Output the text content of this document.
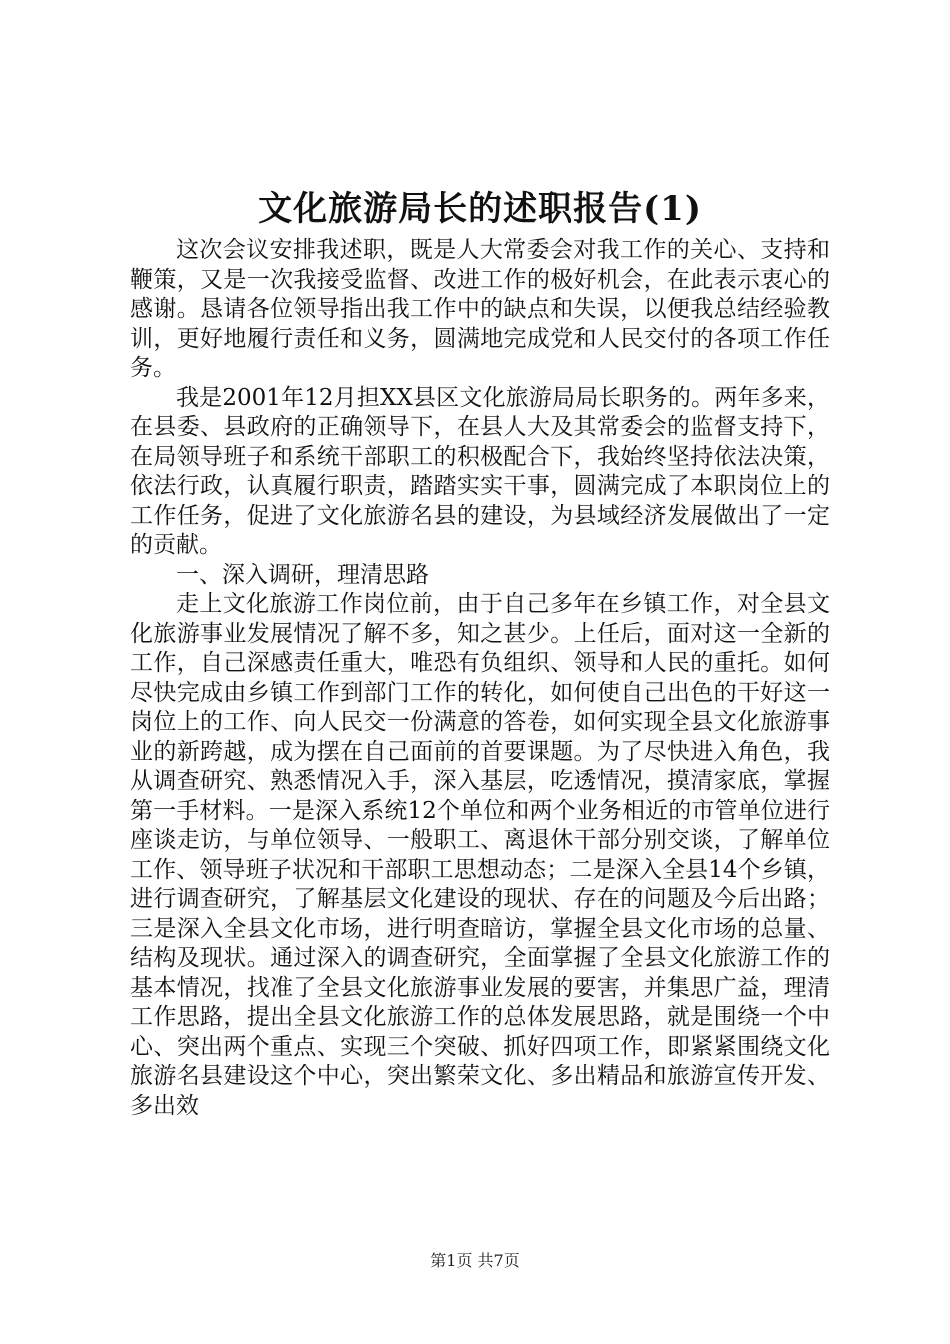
文化旅游局长的述职报告(1)

这次会议安排我述职，既是人大常委会对我工作的关心、支持和鞭策，又是一次我接受监督、改进工作的极好机会，在此表示衷心的感谢。恳请各位领导指出我工作中的缺点和失误，以便我总结经验教训，更好地履行责任和义务，圆满地完成党和人民交付的各项工作任务。

我是2001年12月担XX县区文化旅游局局长职务的。两年多来，在县委、县政府的正确领导下，在县人大及其常委会的监督支持下，在局领导班子和系统干部职工的积极配合下，我始终坚持依法决策，依法行政，认真履行职责，踏踏实实干事，圆满完成了本职岗位上的工作任务，促进了文化旅游名县的建设，为县域经济发展做出了一定的贡献。

一、深入调研，理清思路

走上文化旅游工作岗位前，由于自己多年在乡镇工作，对全县文化旅游事业发展情况了解不多，知之甚少。上任后，面对这一全新的工作，自己深感责任重大，唯恐有负组织、领导和人民的重托。如何尽快完成由乡镇工作到部门工作的转化，如何使自己出色的干好这一岗位上的工作、向人民交一份满意的答卷，如何实现全县文化旅游事业的新跨越，成为摆在自己面前的首要课题。为了尽快进入角色，我从调查研究、熟悉情况入手，深入基层，吃透情况，摸清家底，掌握第一手材料。一是深入系统12个单位和两个业务相近的市管单位进行座谈走访，与单位领导、一般职工、离退休干部分别交谈，了解单位工作、领导班子状况和干部职工思想动态；二是深入全县14个乡镇，进行调查研究，了解基层文化建设的现状、存在的问题及今后出路；三是深入全县文化市场，进行明查暗访，掌握全县文化市场的总量、结构及现状。通过深入的调查研究，全面掌握了全县文化旅游工作的基本情况，找准了全县文化旅游事业发展的要害，并集思广益，理清工作思路，提出全县文化旅游工作的总体发展思路，就是围绕一个中心、突出两个重点、实现三个突破、抓好四项工作，即紧紧围绕文化旅游名县建设这个中心，突出繁荣文化、多出精品和旅游宣传开发、多出效

第1页 共7页
